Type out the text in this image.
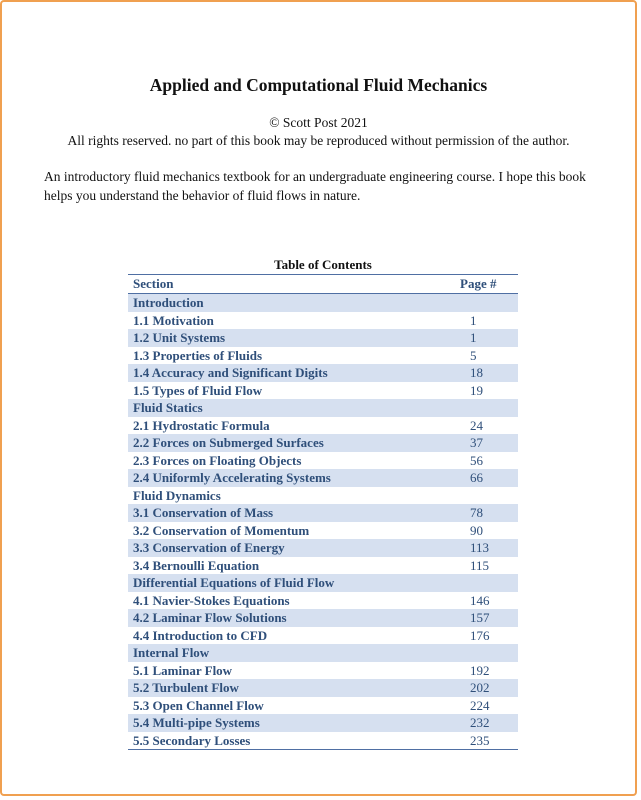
Applied and Computational Fluid Mechanics
© Scott Post 2021
All rights reserved. no part of this book may be reproduced without permission of the author.
An introductory fluid mechanics textbook for an undergraduate engineering course. I hope this book helps you understand the behavior of fluid flows in nature.
Table of Contents
Section	Page #
Introduction
1.1 Motivation	1
1.2 Unit Systems	1
1.3 Properties of Fluids	5
1.4 Accuracy and Significant Digits	18
1.5 Types of Fluid Flow	19
Fluid Statics
2.1 Hydrostatic Formula	24
2.2 Forces on Submerged Surfaces	37
2.3 Forces on Floating Objects	56
2.4 Uniformly Accelerating Systems	66
Fluid Dynamics
3.1 Conservation of Mass	78
3.2 Conservation of Momentum	90
3.3 Conservation of Energy	113
3.4 Bernoulli Equation	115
Differential Equations of Fluid Flow
4.1 Navier-Stokes Equations	146
4.2 Laminar Flow Solutions	157
4.4 Introduction to CFD	176
Internal Flow
5.1 Laminar Flow	192
5.2 Turbulent Flow	202
5.3 Open Channel Flow	224
5.4 Multi-pipe Systems	232
5.5 Secondary Losses	235
